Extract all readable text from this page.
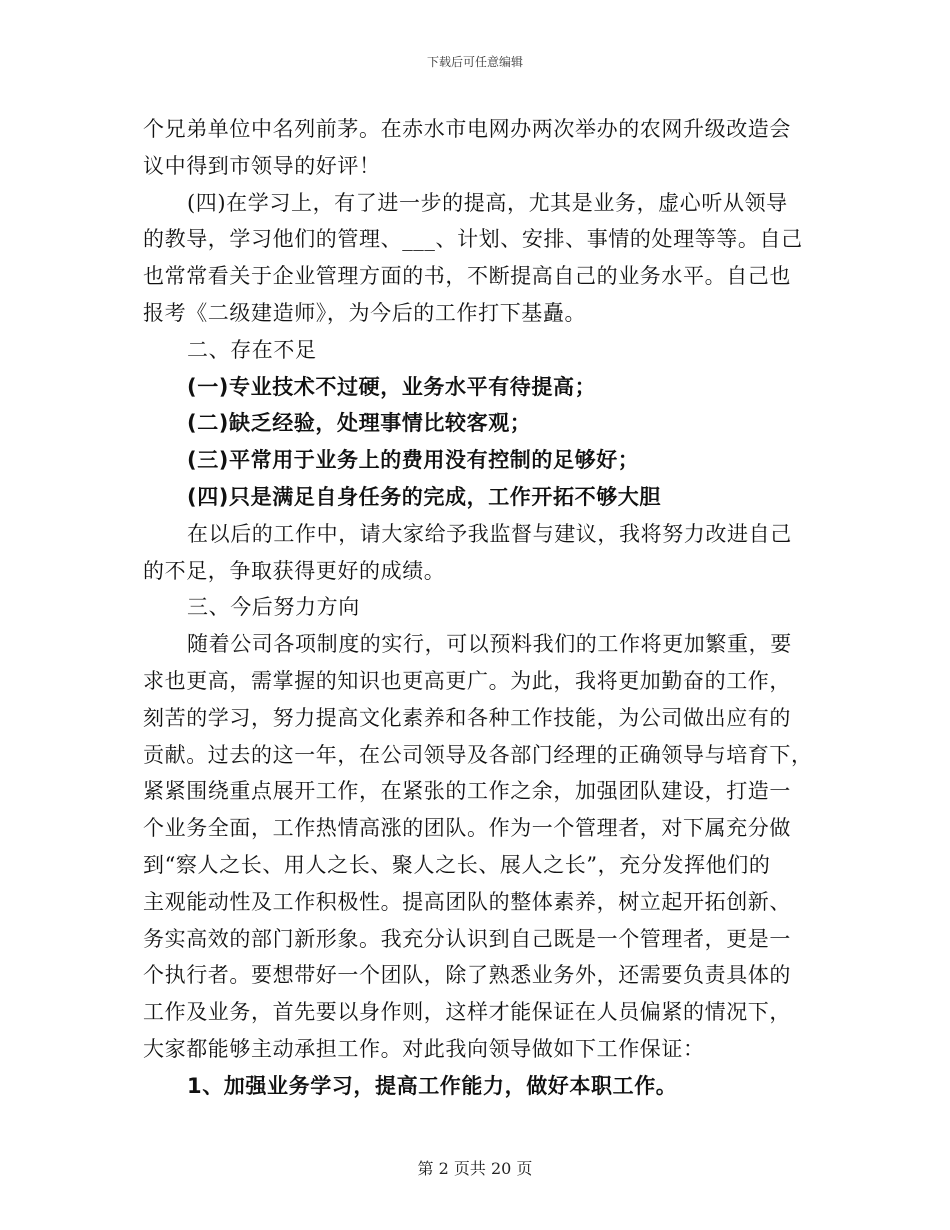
下载后可任意编辑
个兄弟单位中名列前茅。在赤水市电网办两次举办的农网升级改造会
议中得到市领导的好评！
(四)在学习上，有了进一步的提高，尤其是业务，虚心听从领导
的教导，学习他们的管理、___、计划、安排、事情的处理等等。自己
也常常看关于企业管理方面的书，不断提高自己的业务水平。自己也
报考《二级建造师》，为今后的工作打下基矗。
二、存在不足
(一)专业技术不过硬，业务水平有待提高；
(二)缺乏经验，处理事情比较客观；
(三)平常用于业务上的费用没有控制的足够好；
(四)只是满足自身任务的完成，工作开拓不够大胆
在以后的工作中，请大家给予我监督与建议，我将努力改进自己
的不足，争取获得更好的成绩。
三、今后努力方向
随着公司各项制度的实行，可以预料我们的工作将更加繁重，要
求也更高，需掌握的知识也更高更广。为此，我将更加勤奋的工作，
刻苦的学习，努力提高文化素养和各种工作技能，为公司做出应有的
贡献。过去的这一年，在公司领导及各部门经理的正确领导与培育下，
紧紧围绕重点展开工作，在紧张的工作之余，加强团队建设，打造一
个业务全面，工作热情高涨的团队。作为一个管理者，对下属充分做
到“察人之长、用人之长、聚人之长、展人之长”，充分发挥他们的
主观能动性及工作积极性。提高团队的整体素养，树立起开拓创新、
务实高效的部门新形象。我充分认识到自己既是一个管理者，更是一
个执行者。要想带好一个团队，除了熟悉业务外，还需要负责具体的
工作及业务，首先要以身作则，这样才能保证在人员偏紧的情况下，
大家都能够主动承担工作。对此我向领导做如下工作保证：
1、加强业务学习，提高工作能力，做好本职工作。
第 2 页共 20 页
